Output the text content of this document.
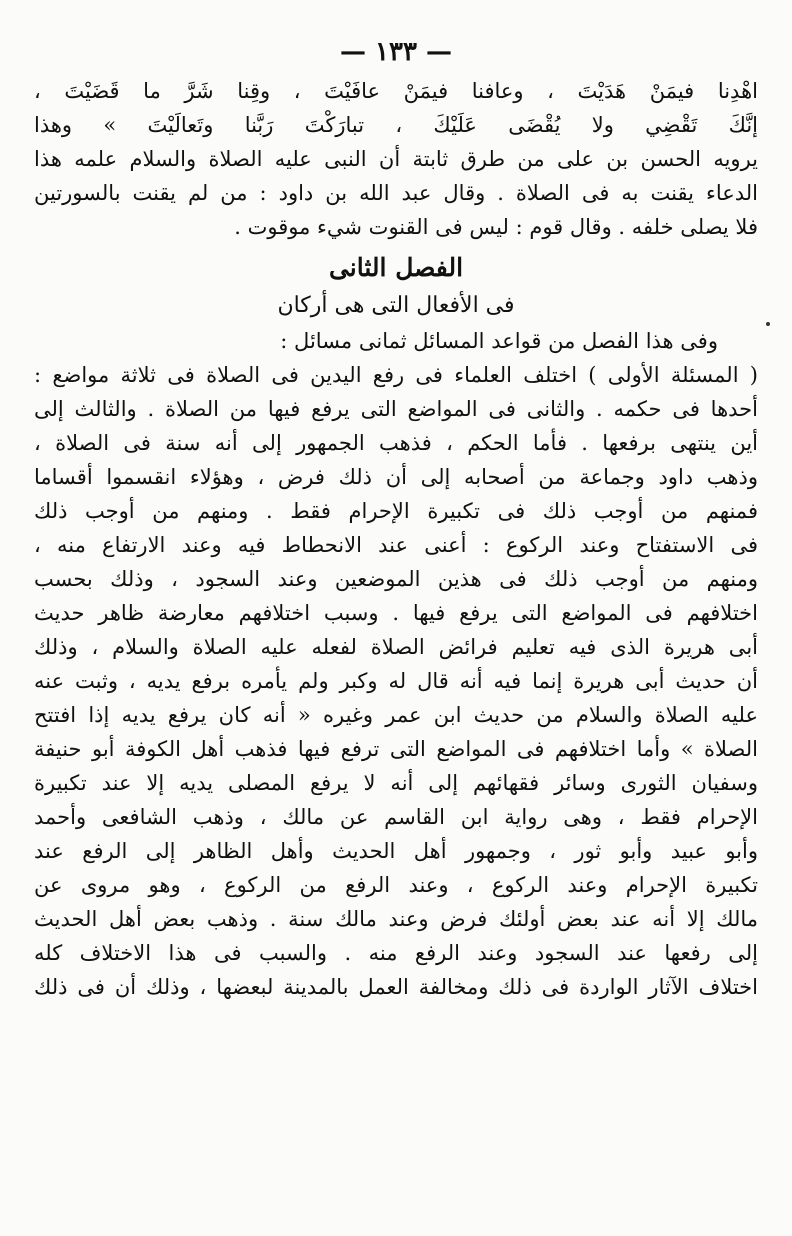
— ١٣٣ —
اهْدِنا فيمَنْ هَدَيْتَ ، وعافنا فيمَنْ عافَيْتَ ، وقِنا شَرَّ ما قَضَيْتَ ،
إنَّكَ تَقْضِي ولا يُقْضَى عَلَيْكَ ، تبارَكْتَ رَبَّنا وتَعالَيْتَ » وهذا
يرويه الحسن بن على من طرق ثابتة أن النبى عليه الصلاة والسلام علمه هذا
الدعاء يقنت به فى الصلاة . وقال عبد الله بن داود : من لم يقنت بالسورتين
فلا يصلى خلفه . وقال قوم : ليس فى القنوت شيء موقوت .
الفصل الثانى
فى الأفعال التى هى أركان
وفى هذا الفصل من قواعد المسائل ثمانى مسائل :
( المسئلة الأولى ) اختلف العلماء فى رفع اليدين فى الصلاة فى ثلاثة مواضع :
أحدها فى حكمه . والثانى فى المواضع التى يرفع فيها من الصلاة . والثالث إلى
أين ينتهى برفعها . فأما الحكم ، فذهب الجمهور إلى أنه سنة فى الصلاة ،
وذهب داود وجماعة من أصحابه إلى أن ذلك فرض ، وهؤلاء انقسموا أقساما
فمنهم من أوجب ذلك فى تكبيرة الإحرام فقط . ومنهم من أوجب ذلك
فى الاستفتاح وعند الركوع : أعنى عند الانحطاط فيه وعند الارتفاع منه ،
ومنهم من أوجب ذلك فى هذين الموضعين وعند السجود ، وذلك بحسب
اختلافهم فى المواضع التى يرفع فيها . وسبب اختلافهم معارضة ظاهر حديث
أبى هريرة الذى فيه تعليم فرائض الصلاة لفعله عليه الصلاة والسلام ، وذلك
أن حديث أبى هريرة إنما فيه أنه قال له وكبر ولم يأمره برفع يديه ، وثبت عنه
عليه الصلاة والسلام من حديث ابن عمر وغيره « أنه كان يرفع يديه إذا افتتح
الصلاة » وأما اختلافهم فى المواضع التى ترفع فيها فذهب أهل الكوفة أبو حنيفة
وسفيان الثورى وسائر فقهائهم إلى أنه لا يرفع المصلى يديه إلا عند تكبيرة
الإحرام فقط ، وهى رواية ابن القاسم عن مالك ، وذهب الشافعى وأحمد
وأبو عبيد وأبو ثور ، وجمهور أهل الحديث وأهل الظاهر إلى الرفع عند
تكبيرة الإحرام وعند الركوع ، وعند الرفع من الركوع ، وهو مروى عن
مالك إلا أنه عند بعض أولئك فرض وعند مالك سنة . وذهب بعض أهل الحديث
إلى رفعها عند السجود وعند الرفع منه . والسبب فى هذا الاختلاف كله
اختلاف الآثار الواردة فى ذلك ومخالفة العمل بالمدينة لبعضها ، وذلك أن فى ذلك
